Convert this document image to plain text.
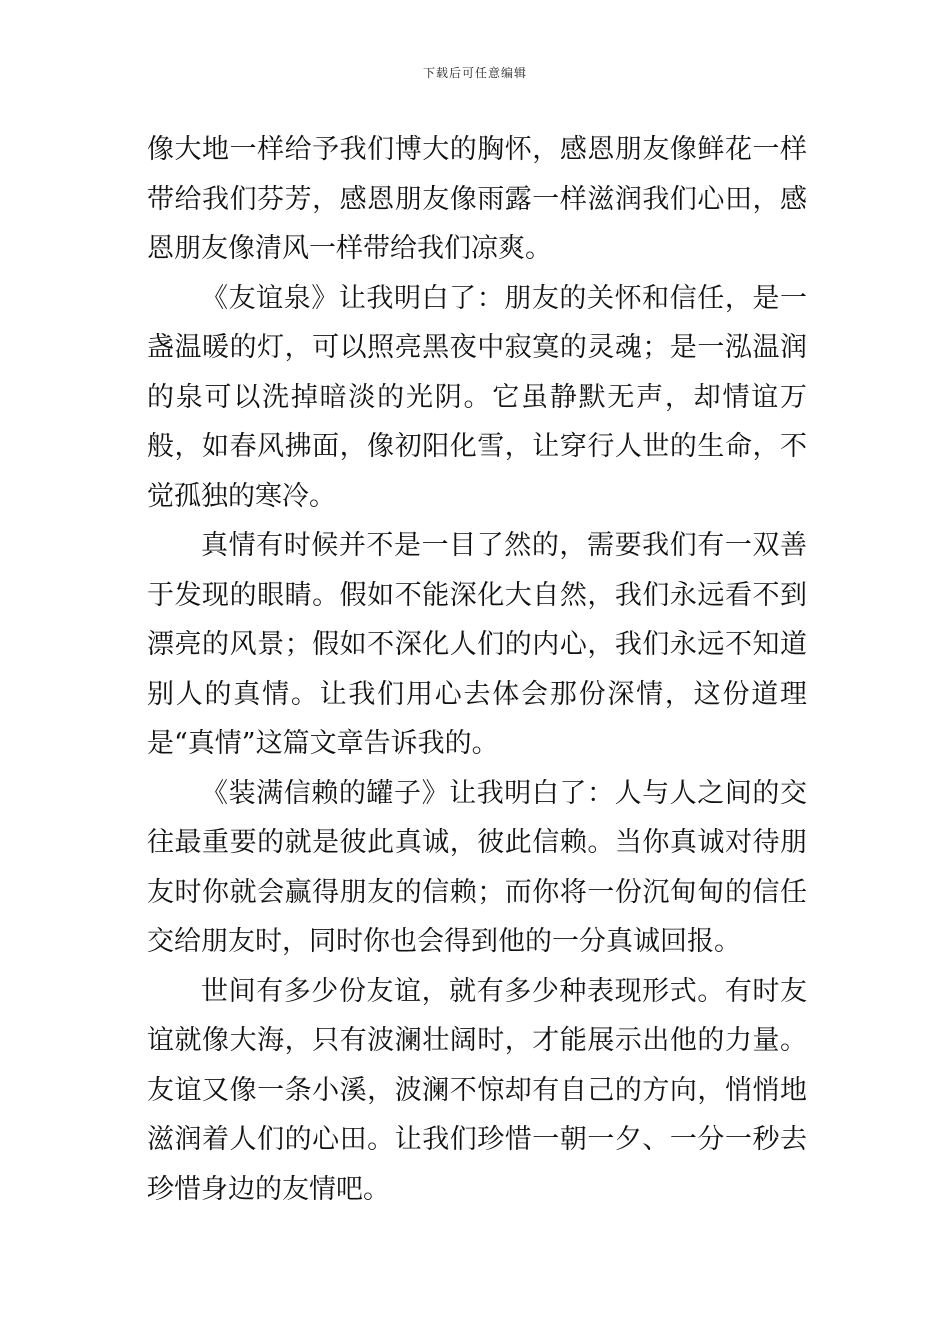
下载后可任意编辑

像大地一样给予我们博大的胸怀，感恩朋友像鲜花一样带给我们芬芳，感恩朋友像雨露一样滋润我们心田，感恩朋友像清风一样带给我们凉爽。

《友谊泉》让我明白了：朋友的关怀和信任，是一盏温暖的灯，可以照亮黑夜中寂寞的灵魂；是一泓温润的泉可以洗掉暗淡的光阴。它虽静默无声，却情谊万般，如春风拂面，像初阳化雪，让穿行人世的生命，不觉孤独的寒冷。

真情有时候并不是一目了然的，需要我们有一双善于发现的眼睛。假如不能深化大自然，我们永远看不到漂亮的风景；假如不深化人们的内心，我们永远不知道别人的真情。让我们用心去体会那份深情，这份道理是“真情”这篇文章告诉我的。

《装满信赖的罐子》让我明白了：人与人之间的交往最重要的就是彼此真诚，彼此信赖。当你真诚对待朋友时你就会赢得朋友的信赖；而你将一份沉甸甸的信任交给朋友时，同时你也会得到他的一分真诚回报。

世间有多少份友谊，就有多少种表现形式。有时友谊就像大海，只有波澜壮阔时，才能展示出他的力量。友谊又像一条小溪，波澜不惊却有自己的方向，悄悄地滋润着人们的心田。让我们珍惜一朝一夕、一分一秒去珍惜身边的友情吧。
